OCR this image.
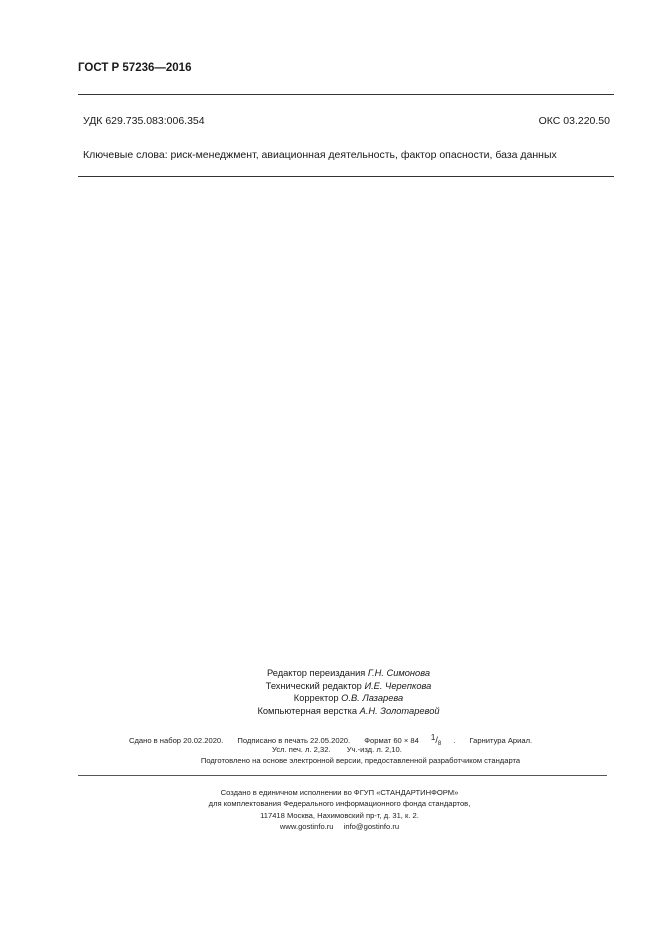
ГОСТ Р 57236—2016
УДК 629.735.083:006.354	ОКС 03.220.50
Ключевые слова: риск-менеджмент, авиационная деятельность, фактор опасности, база данных
Редактор переиздания Г.Н. Симонова
Технический редактор И.Е. Черепкова
Корректор О.В. Лазарева
Компьютерная верстка А.Н. Золотаревой
Сдано в набор 20.02.2020. Подписано в печать 22.05.2020. Формат 60 × 84 $^1/_8$ . Гарнитура Ариал.
Усл. печ. л. 2,32. Уч.-изд. л. 2,10.
Подготовлено на основе электронной версии, предоставленной разработчиком стандарта
Создано в единичном исполнении во ФГУП «СТАНДАРТИНФОРМ»
для комплектования Федерального информационного фонда стандартов,
117418 Москва, Нахимовский пр-т, д. 31, к. 2.
www.gostinfo.ru info@gostinfo.ru
